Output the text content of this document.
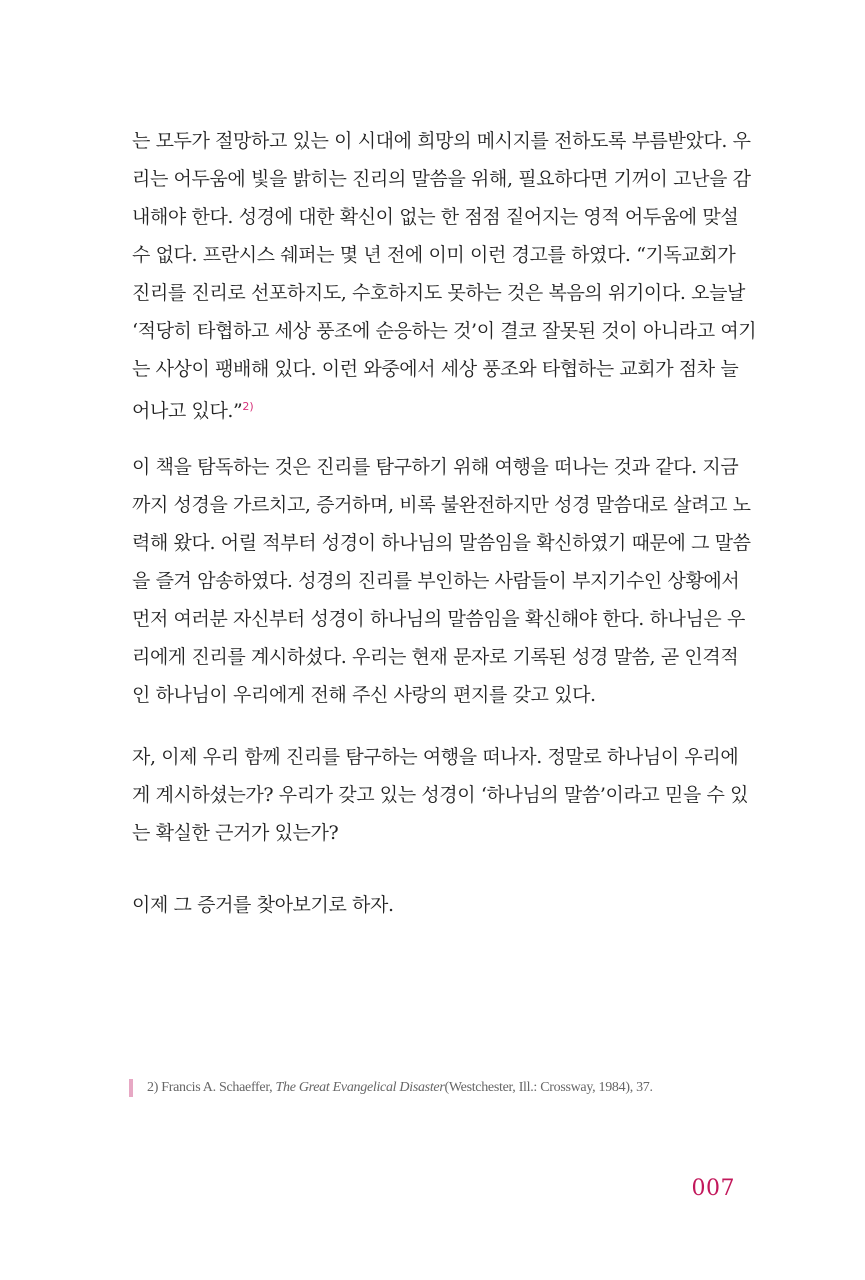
는 모두가 절망하고 있는 이 시대에 희망의 메시지를 전하도록 부름받았다. 우
리는 어두움에 빛을 밝히는 진리의 말씀을 위해, 필요하다면 기꺼이 고난을 감
내해야 한다. 성경에 대한 확신이 없는 한 점점 짙어지는 영적 어두움에 맞설
수 없다. 프란시스 쉐퍼는 몇 년 전에 이미 이런 경고를 하였다. “기독교회가
진리를 진리로 선포하지도, 수호하지도 못하는 것은 복음의 위기이다. 오늘날
‘적당히 타협하고 세상 풍조에 순응하는 것’이 결코 잘못된 것이 아니라고 여기
는 사상이 팽배해 있다. 이런 와중에서 세상 풍조와 타협하는 교회가 점차 늘
어나고 있다.”$^{2)}$
이 책을 탐독하는 것은 진리를 탐구하기 위해 여행을 떠나는 것과 같다. 지금
까지 성경을 가르치고, 증거하며, 비록 불완전하지만 성경 말씀대로 살려고 노
력해 왔다. 어릴 적부터 성경이 하나님의 말씀임을 확신하였기 때문에 그 말씀
을 즐겨 암송하였다. 성경의 진리를 부인하는 사람들이 부지기수인 상황에서
먼저 여러분 자신부터 성경이 하나님의 말씀임을 확신해야 한다. 하나님은 우
리에게 진리를 계시하셨다. 우리는 현재 문자로 기록된 성경 말씀, 곧 인격적
인 하나님이 우리에게 전해 주신 사랑의 편지를 갖고 있다.
자, 이제 우리 함께 진리를 탐구하는 여행을 떠나자. 정말로 하나님이 우리에
게 계시하셨는가? 우리가 갖고 있는 성경이 ‘하나님의 말씀’이라고 믿을 수 있
는 확실한 근거가 있는가?
이제 그 증거를 찾아보기로 하자.
2) Francis A. Schaeffer, The Great Evangelical Disaster(Westchester, Ill.: Crossway, 1984), 37.
007
